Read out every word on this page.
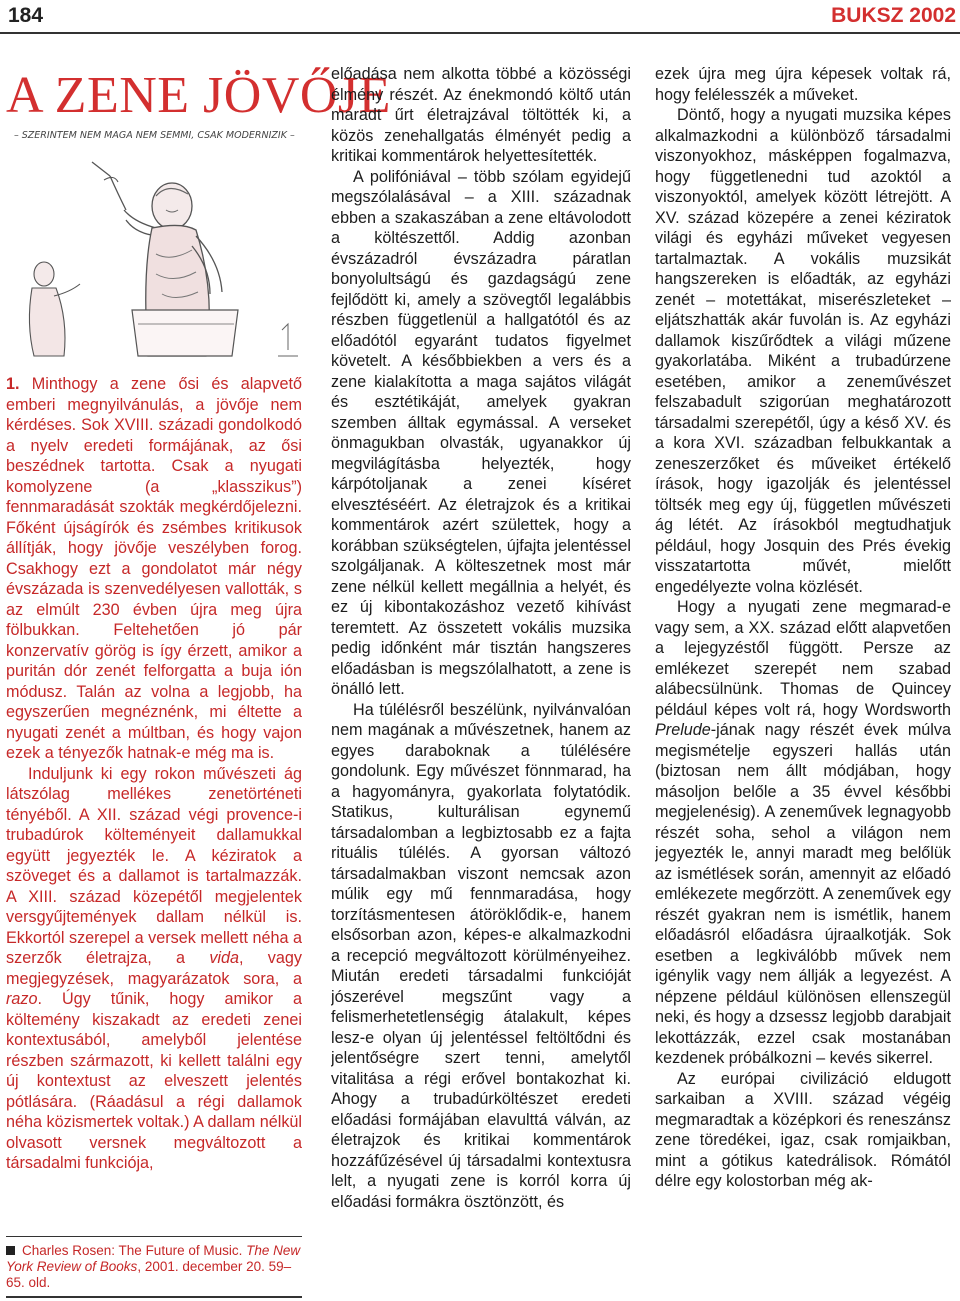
184	BUKSZ 2002
A ZENE JÖVŐJE
– SZERINTEM NEM MAGA NEM SEMMI, CSAK MODERNIZIK –

1. Minthogy a zene ősi és alapvető emberi megnyilvánulás, a jövője nem kérdéses. Sok XVIII. századi gondolkodó a nyelv eredeti formájának, az ősi beszédnek tartotta. Csak a nyugati komolyzene (a „klasszikus”) fennmaradását szokták megkérdőjelezni. Főként újságírók és zsémbes kritikusok állítják, hogy jövője veszélyben forog. Csakhogy ezt a gondolatot már négy évszázada is szenvedélyesen vallották, s az elmúlt 230 évben újra meg újra fölbukkan. Feltehetően jó pár konzervatív görög is így érzett, amikor a puritán dór zenét felforgatta a buja ión módusz. Talán az volna a legjobb, ha egyszerűen megnéznénk, mi éltette a nyugati zenét a múltban, és hogy vajon ezek a tényezők hatnak-e még ma is.

Induljunk ki egy rokon művészeti ág látszólag mellékes zenetörténeti tényéből. A XII. század végi provence-i trubadúrok költeményeit dallamukkal együtt jegyezték le. A kéziratok a szöveget és a dallamot is tartalmazzák. A XIII. század közepétől megjelentek versgyűjtemények dallam nélkül is. Ekkortól szerepel a versek mellett néha a szerzők életrajza, a vida, vagy megjegyzések, magyarázatok sora, a razo. Úgy tűnik, hogy amikor a költemény kiszakadt az eredeti zenei kontextusából, amelyből jelentése részben származott, ki kellett találni egy új kontextust az elveszett jelentés pótlására. (Ráadásul a régi dallamok néha közismertek voltak.) A dallam nélkül olvasott versnek megváltozott a társadalmi funkciója,

előadása nem alkotta többé a közösségi élmény részét. Az énekmondó költő után maradt űrt életrajzával töltötték ki, a közös zenehallgatás élményét pedig a kritikai kommentárok helyettesítették.

A polifóniával – több szólam egyidejű megszólalásával – a XIII. századnak ebben a szakaszában a zene eltávolodott a költészettől. Addig azonban évszázadról évszázadra páratlan bonyolultságú és gazdagságú zene fejlődött ki, amely a szövegtől legalábbis részben függetlenül a hallgatótól és az előadótól egyaránt tudatos figyelmet követelt. A későbbiekben a vers és a zene kialakította a maga sajátos világát és esztétikáját, amelyek gyakran szemben álltak egymással. A verseket önmagukban olvasták, ugyanakkor új megvilágításba helyezték, hogy kárpótoljanak a zenei kíséret elvesztéséért. Az életrajzok és a kritikai kommentárok azért születtek, hogy a korábban szükségtelen, újfajta jelentéssel szolgáljanak. A költeszetnek most már zene nélkül kellett megállnia a helyét, és ez új kibontakozáshoz vezető kihívást teremtett. Az összetett vokális muzsika pedig időnként már tisztán hangszeres előadásban is megszólalhatott, a zene is önálló lett.

Ha túlélésről beszélünk, nyilvánvalóan nem magának a művészetnek, hanem az egyes daraboknak a túlélésére gondolunk. Egy művészet fönnmarad, ha a hagyományra, gyakorlata folytatódik. Statikus, kulturálisan egynemű társadalomban a legbiztosabb ez a fajta rituális túlélés. A gyorsan változó társadalmakban viszont nemcsak azon múlik egy mű fennmaradása, hogy torzításmentesen átöröklődik-e, hanem elsősorban azon, képes-e alkalmazkodni a recepció megváltozott körülményeihez. Miután eredeti társadalmi funkcióját jószerével megszűnt vagy a felismerhetetlenségig átalakult, képes lesz-e olyan új jelentéssel feltöltődni és jelentőségre szert tenni, amelytől vitalitása a régi erővel bontakozhat ki. Ahogy a trubadúrköltészet eredeti előadási formájában elavulttá válván, az életrajzok és kritikai kommentárok hozzáfűzésével új társadalmi kontextusra lelt, a nyugati zene is korról korra új előadási formákra ösztönzött, és

ezek újra meg újra képesek voltak rá, hogy felélesszék a műveket.

Döntő, hogy a nyugati muzsika képes alkalmazkodni a különböző társadalmi viszonyokhoz, másképpen fogalmazva, hogy függetlenedni tud azoktól a viszonyoktól, amelyek között létrejött. A XV. század közepére a zenei kéziratok világi és egyházi műveket vegyesen tartalmaztak. A vokális muzsikát hangszereken is előadták, az egyházi zenét – motettákat, miserészleteket – eljátszhatták akár fuvolán is. Az egyházi dallamok kiszűrődtek a világi műzene gyakorlatába. Miként a trubadúrzene esetében, amikor a zeneművészet felszabadult szigorúan meghatározott társadalmi szerepétől, úgy a késő XV. és a kora XVI. században felbukkantak a zeneszerzőket és műveiket értékelő írások, hogy igazolják és jelentéssel töltsék meg egy új, független művészeti ág létét. Az írásokból megtudhatjuk például, hogy Josquin des Prés évekig visszatartotta művét, mielőtt engedélyezte volna közlését.

Hogy a nyugati zene megmarad-e vagy sem, a XX. század előtt alapvetően a lejegyzéstől függött. Persze az emlékezet szerepét nem szabad alábecsülnünk. Thomas de Quincey például képes volt rá, hogy Wordsworth Prelude-jának nagy részét évek múlva megismételje egyszeri hallás után (biztosan nem állt módjában, hogy másoljon belőle a 35 évvel későbbi megjelenésig). A zeneművek legnagyobb részét soha, sehol a világon nem jegyezték le, annyi maradt meg belőlük az ismétlések során, amennyit az előadó emlékezete megőrzött. A zeneművek egy részét gyakran nem is ismétlik, hanem előadásról előadásra újraalkotják. Sok esetben a legkiválóbb művek nem igénylik vagy nem állják a legyezést. A népzene például különösen ellenszegül neki, és hogy a dzsessz legjobb darabjait lekottázzák, ezzel csak mostanában kezdenek próbálkozni – kevés sikerrel.

Az európai civilizáció eldugott sarkaiban a XVIII. század végéig megmaradtak a középkori és reneszánsz zene töredékei, igaz, csak romjaikban, mint a gótikus katedrálisok. Rómától délre egy kolostorban még ak-

Charles Rosen: The Future of Music. The New York Review of Books, 2001. december 20. 59–65. old.
